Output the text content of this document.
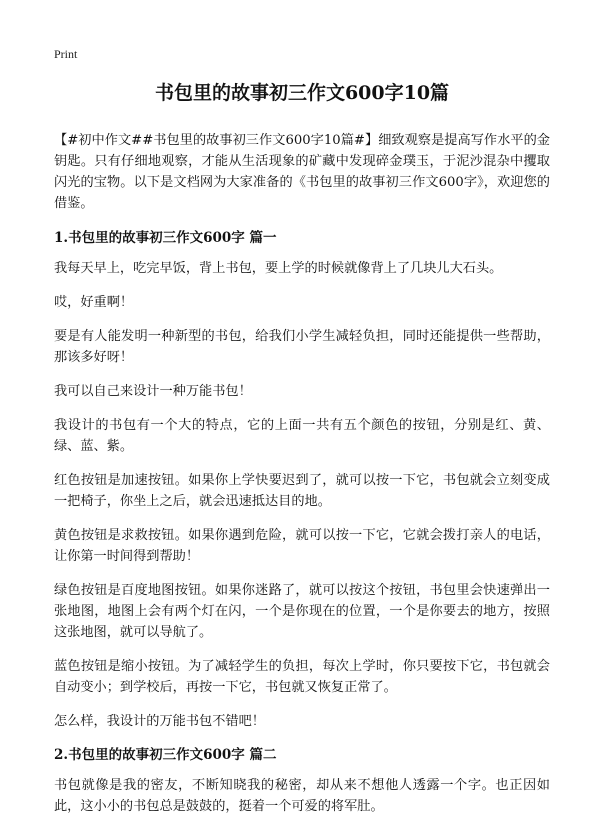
Print
书包里的故事初三作文600字10篇

【#初中作文##书包里的故事初三作文600字10篇#】细致观察是提高写作水平的金钥匙。只有仔细地观察，才能从生活现象的矿藏中发现碎金璞玉，于泥沙混杂中攫取闪光的宝物。以下是文档网为大家准备的《书包里的故事初三作文600字》，欢迎您的借鉴。

1.书包里的故事初三作文600字 篇一

我每天早上，吃完早饭，背上书包，要上学的时候就像背上了几块儿大石头。

哎，好重啊！

要是有人能发明一种新型的书包，给我们小学生减轻负担，同时还能提供一些帮助，那该多好呀！

我可以自己来设计一种万能书包！

我设计的书包有一个大的特点，它的上面一共有五个颜色的按钮，分别是红、黄、绿、蓝、紫。

红色按钮是加速按钮。如果你上学快要迟到了，就可以按一下它，书包就会立刻变成一把椅子，你坐上之后，就会迅速抵达目的地。

黄色按钮是求救按钮。如果你遇到危险，就可以按一下它，它就会拨打亲人的电话，让你第一时间得到帮助！

绿色按钮是百度地图按钮。如果你迷路了，就可以按这个按钮，书包里会快速弹出一张地图，地图上会有两个灯在闪，一个是你现在的位置，一个是你要去的地方，按照这张地图，就可以导航了。

蓝色按钮是缩小按钮。为了减轻学生的负担，每次上学时，你只要按下它，书包就会自动变小；到学校后，再按一下它，书包就又恢复正常了。

怎么样，我设计的万能书包不错吧！

2.书包里的故事初三作文600字 篇二

书包就像是我的密友，不断知晓我的秘密，却从来不想他人透露一个字。也正因如此，这小小的书包总是鼓鼓的，挺着一个可爱的将军肚。
